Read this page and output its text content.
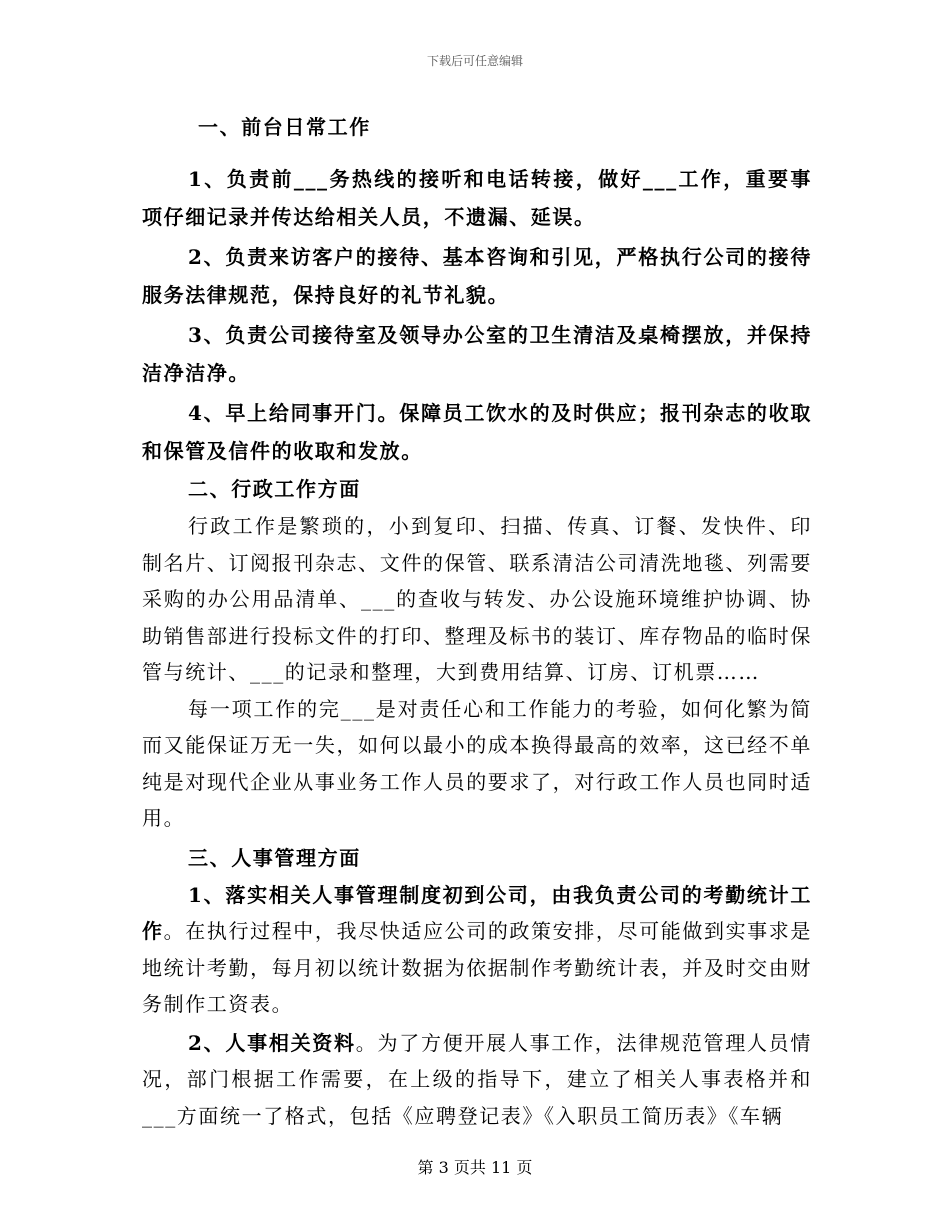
下载后可任意编辑

一、前台日常工作

1、负责前___务热线的接听和电话转接，做好___工作，重要事项仔细记录并传达给相关人员，不遗漏、延误。

2、负责来访客户的接待、基本咨询和引见，严格执行公司的接待服务法律规范，保持良好的礼节礼貌。

3、负责公司接待室及领导办公室的卫生清洁及桌椅摆放，并保持洁净洁净。

4、早上给同事开门。保障员工饮水的及时供应；报刊杂志的收取和保管及信件的收取和发放。

二、行政工作方面

行政工作是繁琐的，小到复印、扫描、传真、订餐、发快件、印制名片、订阅报刊杂志、文件的保管、联系清洁公司清洗地毯、列需要采购的办公用品清单、___的查收与转发、办公设施环境维护协调、协助销售部进行投标文件的打印、整理及标书的装订、库存物品的临时保管与统计、___的记录和整理，大到费用结算、订房、订机票……

每一项工作的完___是对责任心和工作能力的考验，如何化繁为简而又能保证万无一失，如何以最小的成本换得最高的效率，这已经不单纯是对现代企业从事业务工作人员的要求了，对行政工作人员也同时适用。

三、人事管理方面

1、落实相关人事管理制度初到公司，由我负责公司的考勤统计工作。在执行过程中，我尽快适应公司的政策安排，尽可能做到实事求是地统计考勤，每月初以统计数据为依据制作考勤统计表，并及时交由财务制作工资表。

2、人事相关资料。为了方便开展人事工作，法律规范管理人员情况，部门根据工作需要，在上级的指导下，建立了相关人事表格并和___方面统一了格式，包括《应聘登记表》《入职员工简历表》《车辆

第 3 页共 11 页
